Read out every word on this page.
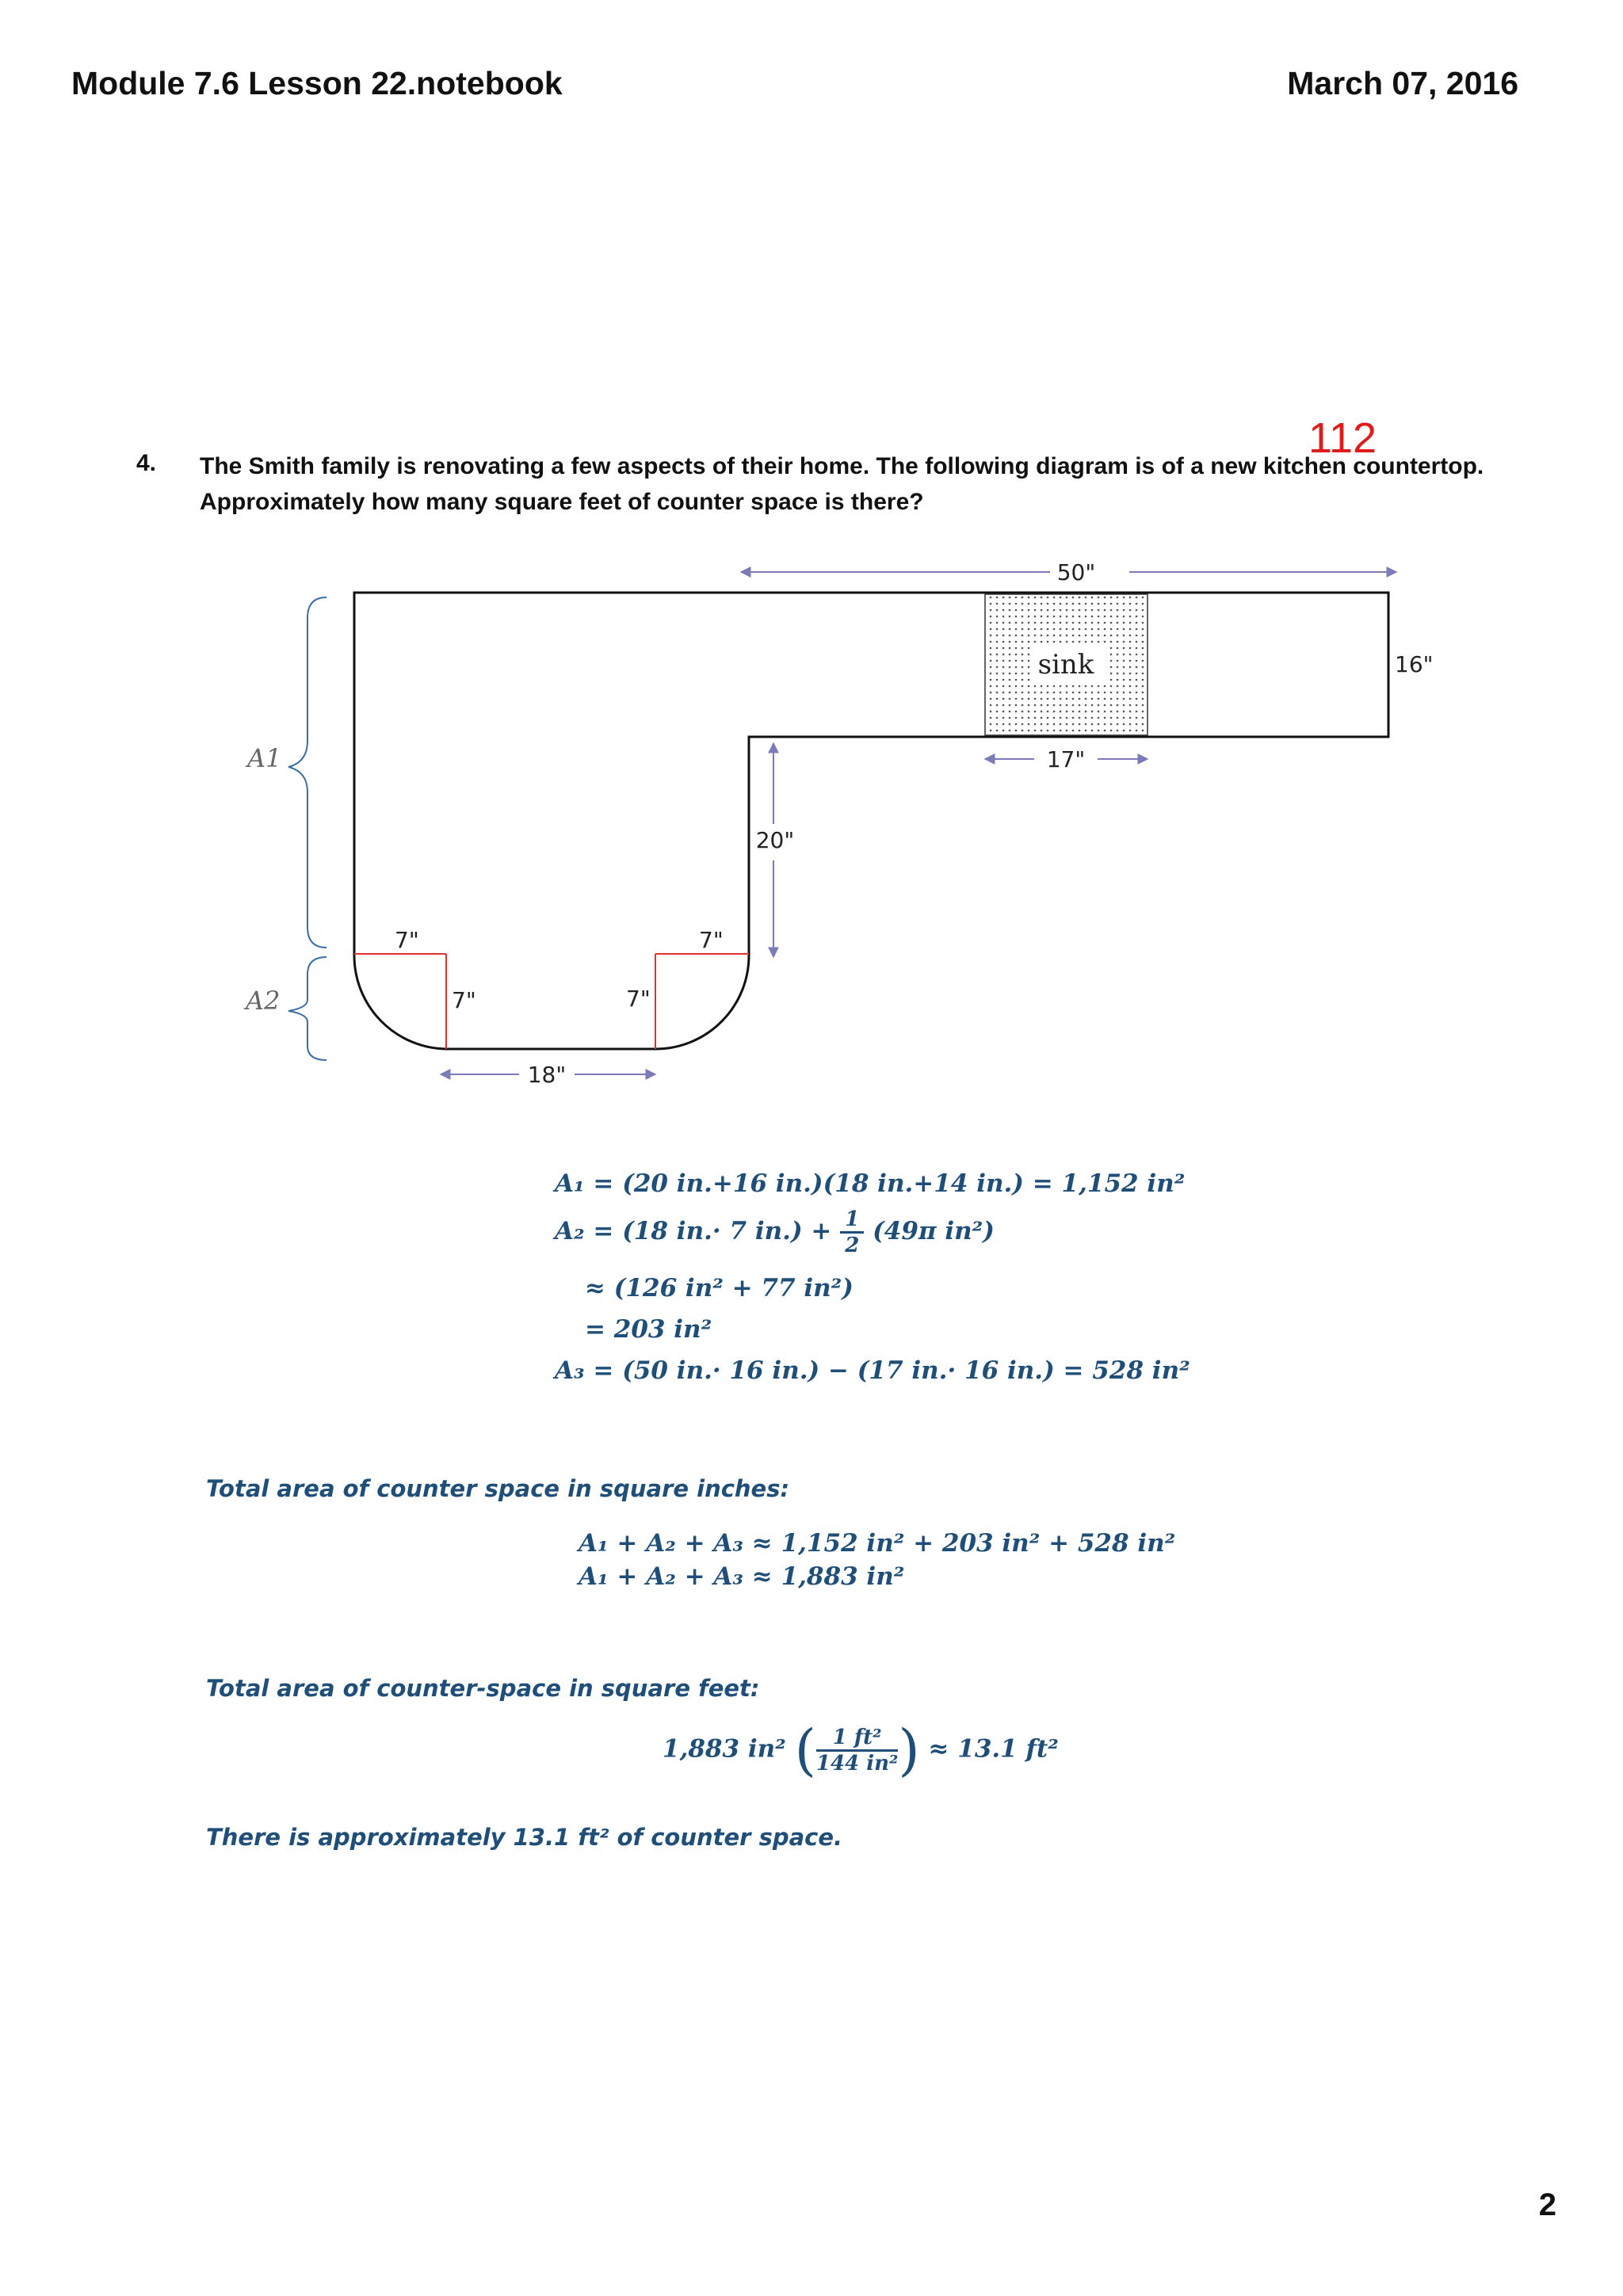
Module 7.6 Lesson 22.notebook	March 07, 2016
112
4. The Smith family is renovating a few aspects of their home. The following diagram is of a new kitchen countertop. Approximately how many square feet of counter space is there?
sink
50"
16"
17"
20"
18"
7"
7"
7"
7"
A1
A2
A₁ = (20 in.+16 in.)(18 in.+14 in.) = 1,152 in²
A₂ = (18 in.· 7 $in.) + \frac{1}{2} (49\pi$ in²)
≈ (126 in² + 77 in²)
= 203 in²
A₃ = (50 in.· 16 in.) − (17 in.· 16 in.) = 528 in²
Total area of counter space in square inches:
A₁ + A₂ + A₃ ≈ 1,152 in² + 203 in² + 528 in²
A₁ + A₂ + A₃ ≈ 1,883 in²
Total area of counter-space in square feet:
1,883 in² ( $\frac{\text{1 ft²}}{\text{144 in²}}$ ) ≈ 13.1 ft²
There is approximately 13.1 ft² of counter space.
2
